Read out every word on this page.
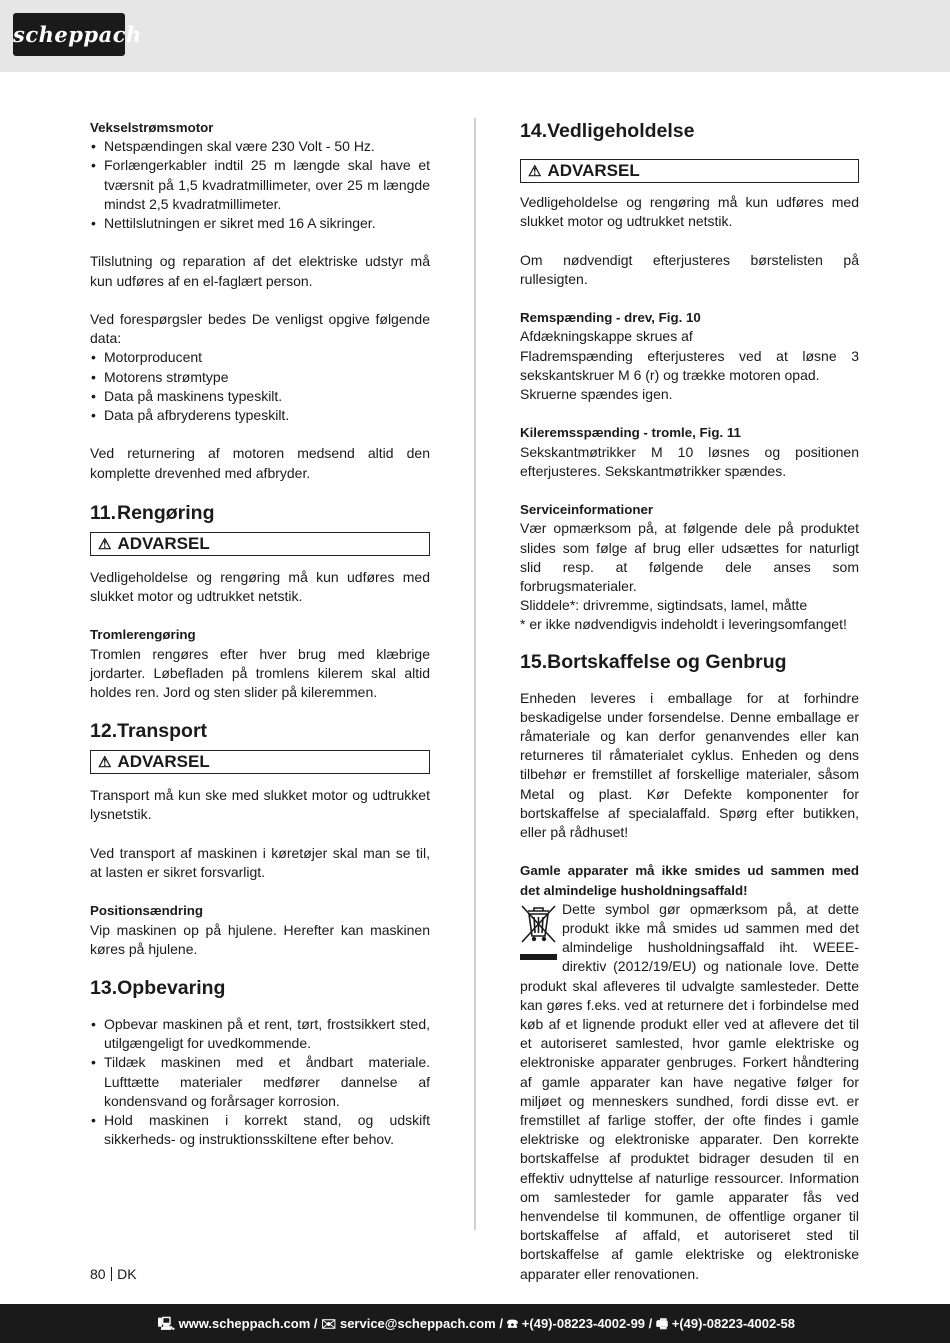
scheppach
Vekselstrømsmotor
• Netspændingen skal være 230 Volt - 50 Hz.
• Forlængerkabler indtil 25 m længde skal have et tværsnit på 1,5 kvadratmillimeter, over 25 m længde mindst 2,5 kvadratmillimeter.
• Nettilslutningen er sikret med 16 A sikringer.

Tilslutning og reparation af det elektriske udstyr må kun udføres af en el-faglært person.

Ved forespørgsler bedes De venligst opgive følgende data:

• Motorproducent
• Motorens strømtype
• Data på maskinens typeskilt.
• Data på afbryderens typeskilt.

Ved returnering af motoren medsend altid den komplette drevenhed med afbryder.

11.Rengøring
⚠ ADVARSEL

Vedligeholdelse og rengøring må kun udføres med slukket motor og udtrukket netstik.

Tromlerengøring

Tromlen rengøres efter hver brug med klæbrige jordarter. Løbefladen på tromlens kilerem skal altid holdes ren. Jord og sten slider på kileremmen.

12.Transport
⚠ ADVARSEL

Transport må kun ske med slukket motor og udtrukket lysnetstik.

Ved transport af maskinen i køretøjer skal man se til, at lasten er sikret forsvarligt.

Positionsændring

Vip maskinen op på hjulene. Herefter kan maskinen køres på hjulene.

13.Opbevaring
• Opbevar maskinen på et rent, tørt, frostsikkert sted, utilgængeligt for uvedkommende.
• Tildæk maskinen med et åndbart materiale. Lufttætte materialer medfører dannelse af kondensvand og forårsager korrosion.
• Hold maskinen i korrekt stand, og udskift sikkerheds- og instruktionsskiltene efter behov.
14.Vedligeholdelse
⚠ ADVARSEL

Vedligeholdelse og rengøring må kun udføres med slukket motor og udtrukket netstik.

Om nødvendigt efterjusteres børstelisten på rullesigten.

Remspænding - drev, Fig. 10

Afdækningskappe skrues af

Fladremspænding efterjusteres ved at løsne 3 sekskantskruer M 6 (r) og trække motoren opad.

Skruerne spændes igen.

Kileremsspænding - tromle, Fig. 11

Sekskantmøtrikker M 10 løsnes og positionen efterjusteres. Sekskantmøtrikker spændes.

Serviceinformationer

Vær opmærksom på, at følgende dele på produktet slides som følge af brug eller udsættes for naturligt slid resp. at følgende dele anses som forbrugsmaterialer.

Sliddele*: drivremme, sigtindsats, lamel, måtte

* er ikke nødvendigvis indeholdt i leveringsomfanget!

15.Bortskaffelse og Genbrug

Enheden leveres i emballage for at forhindre beskadigelse under forsendelse. Denne emballage er råmateriale og kan derfor genanvendes eller kan returneres til råmaterialet cyklus. Enheden og dens tilbehør er fremstillet af forskellige materialer, såsom Metal og plast. Kør Defekte komponenter for bortskaffelse af specialaffald. Spørg efter butikken, eller på rådhuset!

Gamle apparater må ikke smides ud sammen med det almindelige husholdningsaffald!

Dette symbol gør opmærksom på, at dette produkt ikke må smides ud sammen med det almindelige husholdningsaffald iht. WEEE-direktiv (2012/19/EU) og nationale love. Dette produkt skal afleveres til udvalgte samlesteder. Dette kan gøres f.eks. ved at returnere det i forbindelse med køb af et lignende produkt eller ved at aflevere det til et autoriseret samlested, hvor gamle elektriske og elektroniske apparater genbruges. Forkert håndtering af gamle apparater kan have negative følger for miljøet og menneskers sundhed, fordi disse evt. er fremstillet af farlige stoffer, der ofte findes i gamle elektriske og elektroniske apparater. Den korrekte bortskaffelse af produktet bidrager desuden til en effektiv udnyttelse af naturlige ressourcer. Information om samlesteder for gamle apparater fås ved henvendelse til kommunen, de offentlige organer til bortskaffelse af affald, et autoriseret sted til bortskaffelse af gamle elektriske og elektroniske apparater eller renovationen.

80 DK
🖳 www.scheppach.com / ✉ service@scheppach.com / ☎ +(49)-08223-4002-99 / 🖷 +(49)-08223-4002-58
